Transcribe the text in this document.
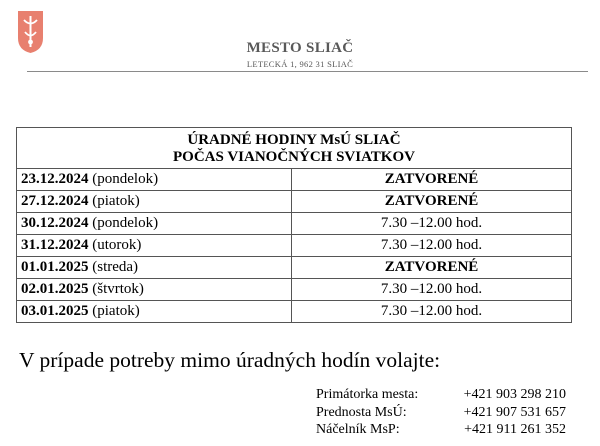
MESTO SLIAČ
LETECKÁ 1, 962 31 SLIAČ
ÚRADNÉ HODINY MsÚ SLIAČ
POČAS VIANOČNÝCH SVIATKOV	
23.12.2024 (pondelok)	ZATVORENÉ
27.12.2024 (piatok)	ZATVORENÉ
30.12.2024 (pondelok)	7.30 –12.00 hod.
31.12.2024 (utorok)	7.30 –12.00 hod.
01.01.2025 (streda)	ZATVORENÉ
02.01.2025 (štvrtok)	7.30 –12.00 hod.
03.01.2025 (piatok)	7.30 –12.00 hod.
V prípade potreby mimo úradných hodín volajte:
Primátorka mesta:	+421 903 298 210
Prednosta MsÚ:	+421 907 531 657
Náčelník MsP:	+421 911 261 352
